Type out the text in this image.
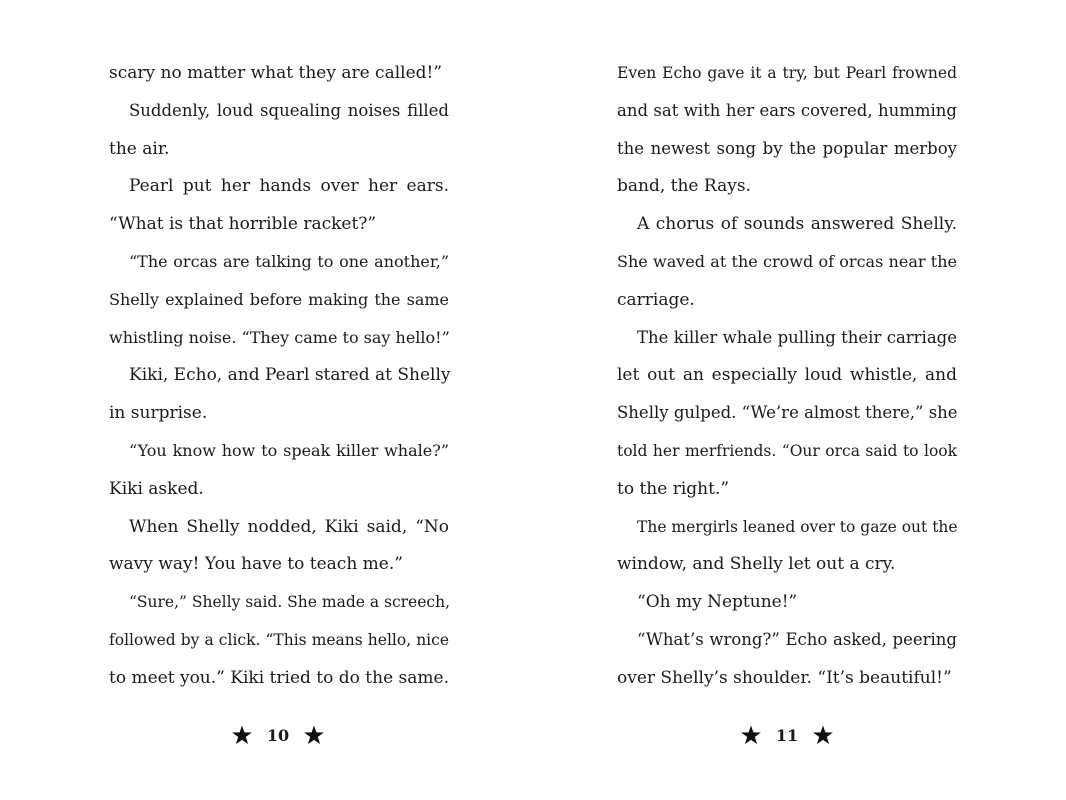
scary no matter what they are called!”
Suddenly, loud squealing noises filled
the air.
Pearl put her hands over her ears.
“What is that horrible racket?”
“The orcas are talking to one another,”
Shelly explained before making the same
whistling noise. “They came to say hello!”
Kiki, Echo, and Pearl stared at Shelly
in surprise.
“You know how to speak killer whale?”
Kiki asked.
When Shelly nodded, Kiki said, “No
wavy way! You have to teach me.”
“Sure,” Shelly said. She made a screech,
followed by a click. “This means hello, nice
to meet you.” Kiki tried to do the same.
Even Echo gave it a try, but Pearl frowned
and sat with her ears covered, humming
the newest song by the popular merboy
band, the Rays.
A chorus of sounds answered Shelly.
She waved at the crowd of orcas near the
carriage.
The killer whale pulling their carriage
let out an especially loud whistle, and
Shelly gulped. “We’re almost there,” she
told her merfriends. “Our orca said to look
to the right.”
The mergirls leaned over to gaze out the
window, and Shelly let out a cry.
“Oh my Neptune!”
“What’s wrong?” Echo asked, peering
over Shelly’s shoulder. “It’s beautiful!”
10	11
